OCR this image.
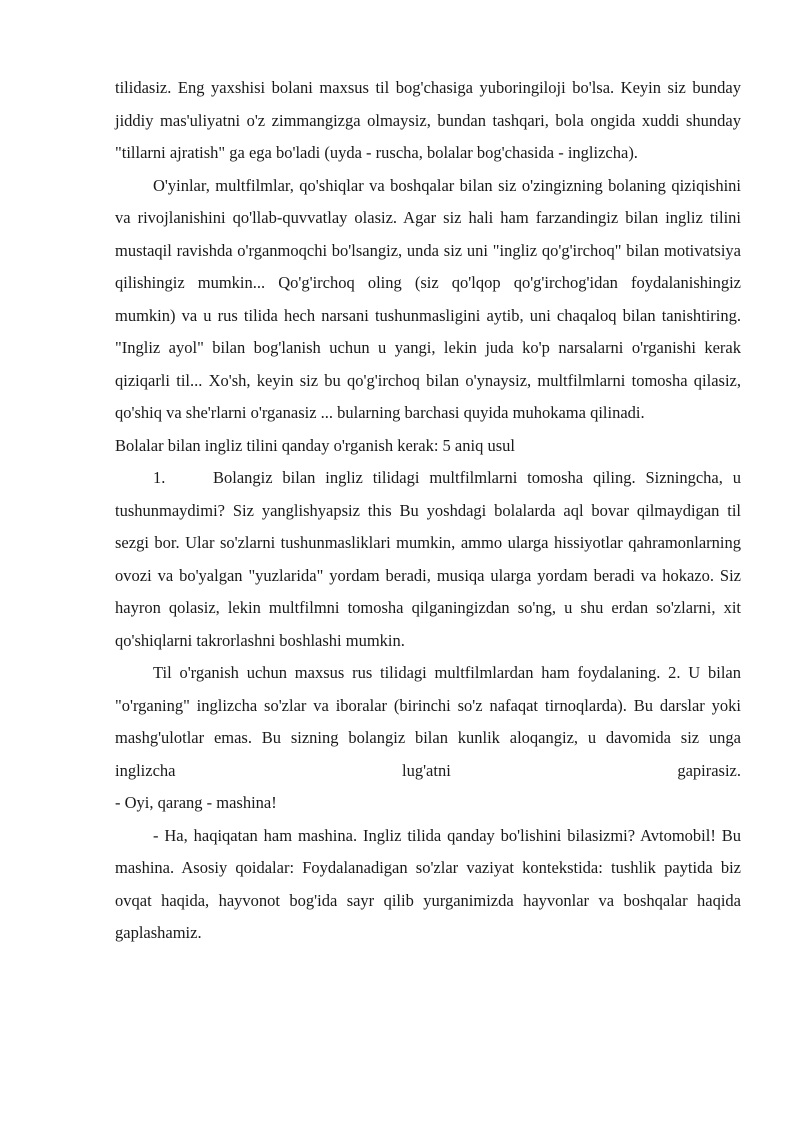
tilidasiz. Eng yaxshisi bolani maxsus til bog'chasiga yuboringiloji bo'lsa. Keyin siz bunday jiddiy mas'uliyatni o'z zimmangizga olmaysiz, bundan tashqari, bola ongida xuddi shunday "tillarni ajratish" ga ega bo'ladi (uyda - ruscha, bolalar bog'chasida - inglizcha).

O'yinlar, multfilmlar, qo'shiqlar va boshqalar bilan siz o'zingizning bolaning qiziqishini va rivojlanishini qo'llab-quvvatlay olasiz. Agar siz hali ham farzandingiz bilan ingliz tilini mustaqil ravishda o'rganmoqchi bo'lsangiz, unda siz uni "ingliz qo'g'irchoq" bilan motivatsiya qilishingiz mumkin... Qo'g'irchoq oling (siz qo'lqop qo'g'irchog'idan foydalanishingiz mumkin) va u rus tilida hech narsani tushunmasligini aytib, uni chaqaloq bilan tanishtiring. "Ingliz ayol" bilan bog'lanish uchun u yangi, lekin juda ko'p narsalarni o'rganishi kerak qiziqarli til... Xo'sh, keyin siz bu qo'g'irchoq bilan o'ynaysiz, multfilmlarni tomosha qilasiz, qo'shiq va she'rlarni o'rganasiz ... bularning barchasi quyida muhokama qilinadi.

Bolalar bilan ingliz tilini qanday o'rganish kerak: 5 aniq usul

1.	Bolangiz bilan ingliz tilidagi multfilmlarni tomosha qiling. Sizningcha, u tushunmaydimi? Siz yanglishyapsiz this Bu yoshdagi bolalarda aql bovar qilmaydigan til sezgi bor. Ular so'zlarni tushunmasliklari mumkin, ammo ularga hissiyotlar qahramonlarning ovozi va bo'yalgan "yuzlarida" yordam beradi, musiqa ularga yordam beradi va hokazo. Siz hayron qolasiz, lekin multfilmni tomosha qilganingizdan so'ng, u shu erdan so'zlarni, xit qo'shiqlarni takrorlashni boshlashi mumkin.

Til o'rganish uchun maxsus rus tilidagi multfilmlardan ham foydalaning. 2. U bilan "o'rganing" inglizcha so'zlar va iboralar (birinchi so'z nafaqat tirnoqlarda). Bu darslar yoki mashg'ulotlar emas. Bu sizning bolangiz bilan kunlik aloqangiz, u davomida siz unga inglizcha lug'atni gapirasiz.

- Oyi, qarang - mashina!

- Ha, haqiqatan ham mashina. Ingliz tilida qanday bo'lishini bilasizmi? Avtomobil! Bu mashina. Asosiy qoidalar: Foydalanadigan so'zlar vaziyat kontekstida: tushlik paytida biz ovqat haqida, hayvonot bog'ida sayr qilib yurganimizda hayvonlar va boshqalar haqida gaplashamiz.
